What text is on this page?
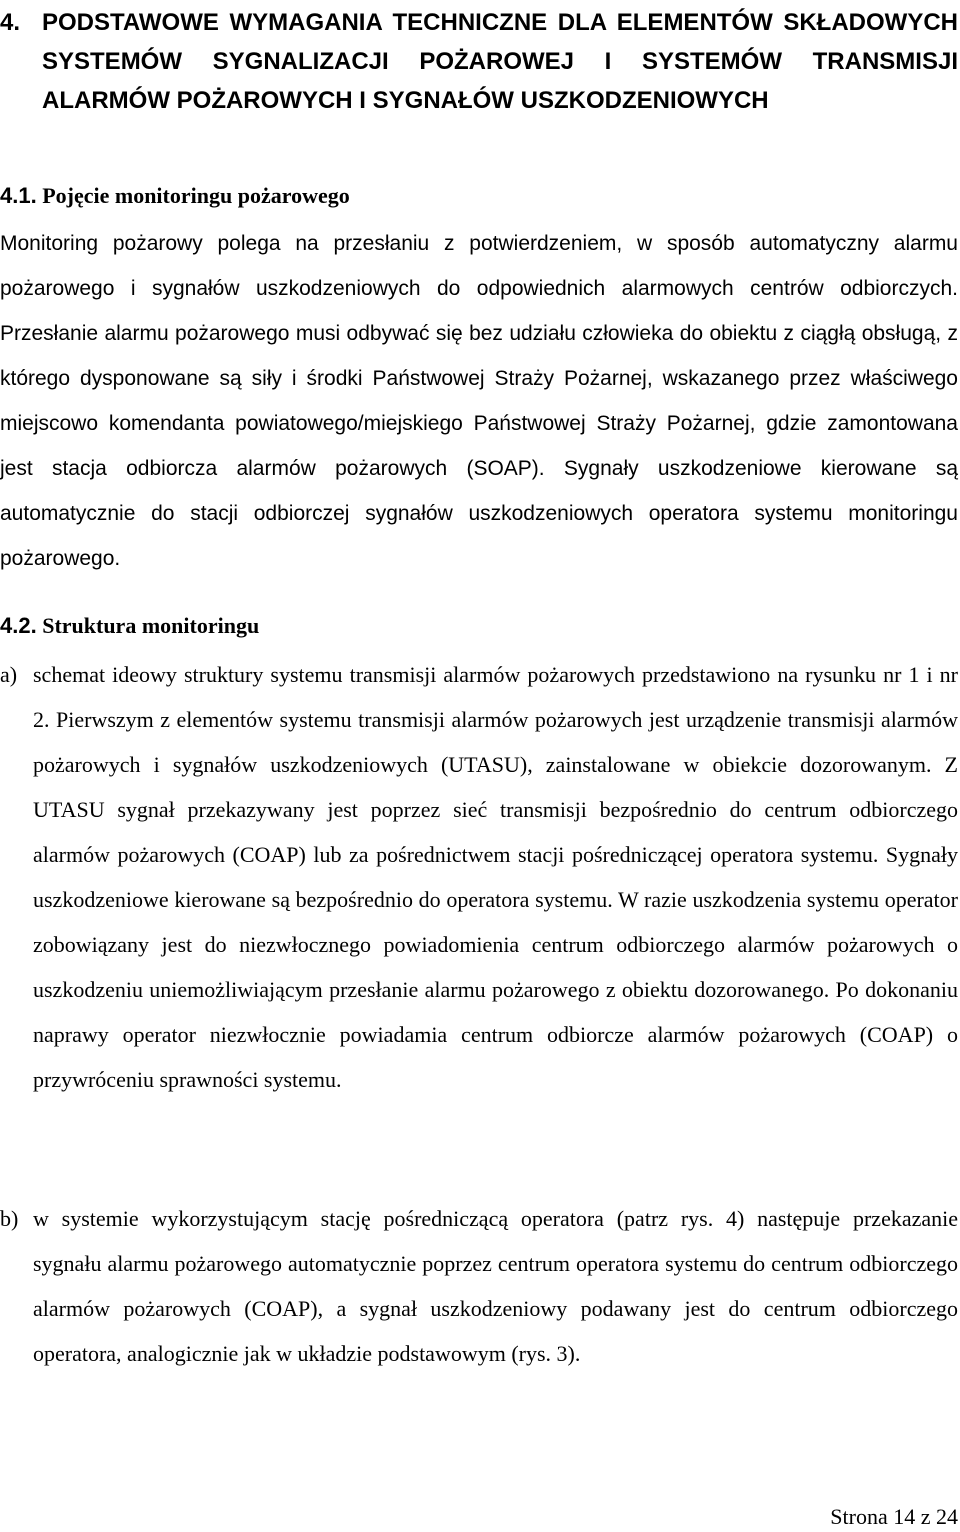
4. PODSTAWOWE WYMAGANIA TECHNICZNE DLA ELEMENTÓW SKŁADOWYCH SYSTEMÓW SYGNALIZACJI POŻAROWEJ I SYSTEMÓW TRANSMISJI ALARMÓW POŻAROWYCH I SYGNAŁÓW USZKODZENIOWYCH
4.1. Pojęcie monitoringu pożarowego

Monitoring pożarowy polega na przesłaniu z potwierdzeniem, w sposób automatyczny alarmu pożarowego i sygnałów uszkodzeniowych do odpowiednich alarmowych centrów odbiorczych. Przesłanie alarmu pożarowego musi odbywać się bez udziału człowieka do obiektu z ciągłą obsługą, z którego dysponowane są siły i środki Państwowej Straży Pożarnej, wskazanego przez właściwego miejscowo komendanta powiatowego/miejskiego Państwowej Straży Pożarnej, gdzie zamontowana jest stacja odbiorcza alarmów pożarowych (SOAP). Sygnały uszkodzeniowe kierowane są automatycznie do stacji odbiorczej sygnałów uszkodzeniowych operatora systemu monitoringu pożarowego.

4.2. Struktura monitoringu
a) schemat ideowy struktury systemu transmisji alarmów pożarowych przedstawiono na rysunku nr 1 i nr 2. Pierwszym z elementów systemu transmisji alarmów pożarowych jest urządzenie transmisji alarmów pożarowych i sygnałów uszkodzeniowych (UTASU), zainstalowane w obiekcie dozorowanym. Z UTASU sygnał przekazywany jest poprzez sieć transmisji bezpośrednio do centrum odbiorczego alarmów pożarowych (COAP) lub za pośrednictwem stacji pośredniczącej operatora systemu. Sygnały uszkodzeniowe kierowane są bezpośrednio do operatora systemu. W razie uszkodzenia systemu operator zobowiązany jest do niezwłocznego powiadomienia centrum odbiorczego alarmów pożarowych o uszkodzeniu uniemożliwiającym przesłanie alarmu pożarowego z obiektu dozorowanego. Po dokonaniu naprawy operator niezwłocznie powiadamia centrum odbiorcze alarmów pożarowych (COAP) o przywróceniu sprawności systemu.
b) w systemie wykorzystującym stację pośredniczącą operatora (patrz rys. 4) następuje przekazanie sygnału alarmu pożarowego automatycznie poprzez centrum operatora systemu do centrum odbiorczego alarmów pożarowych (COAP), a sygnał uszkodzeniowy podawany jest do centrum odbiorczego operatora, analogicznie jak w układzie podstawowym (rys. 3).
Strona 14 z 24
